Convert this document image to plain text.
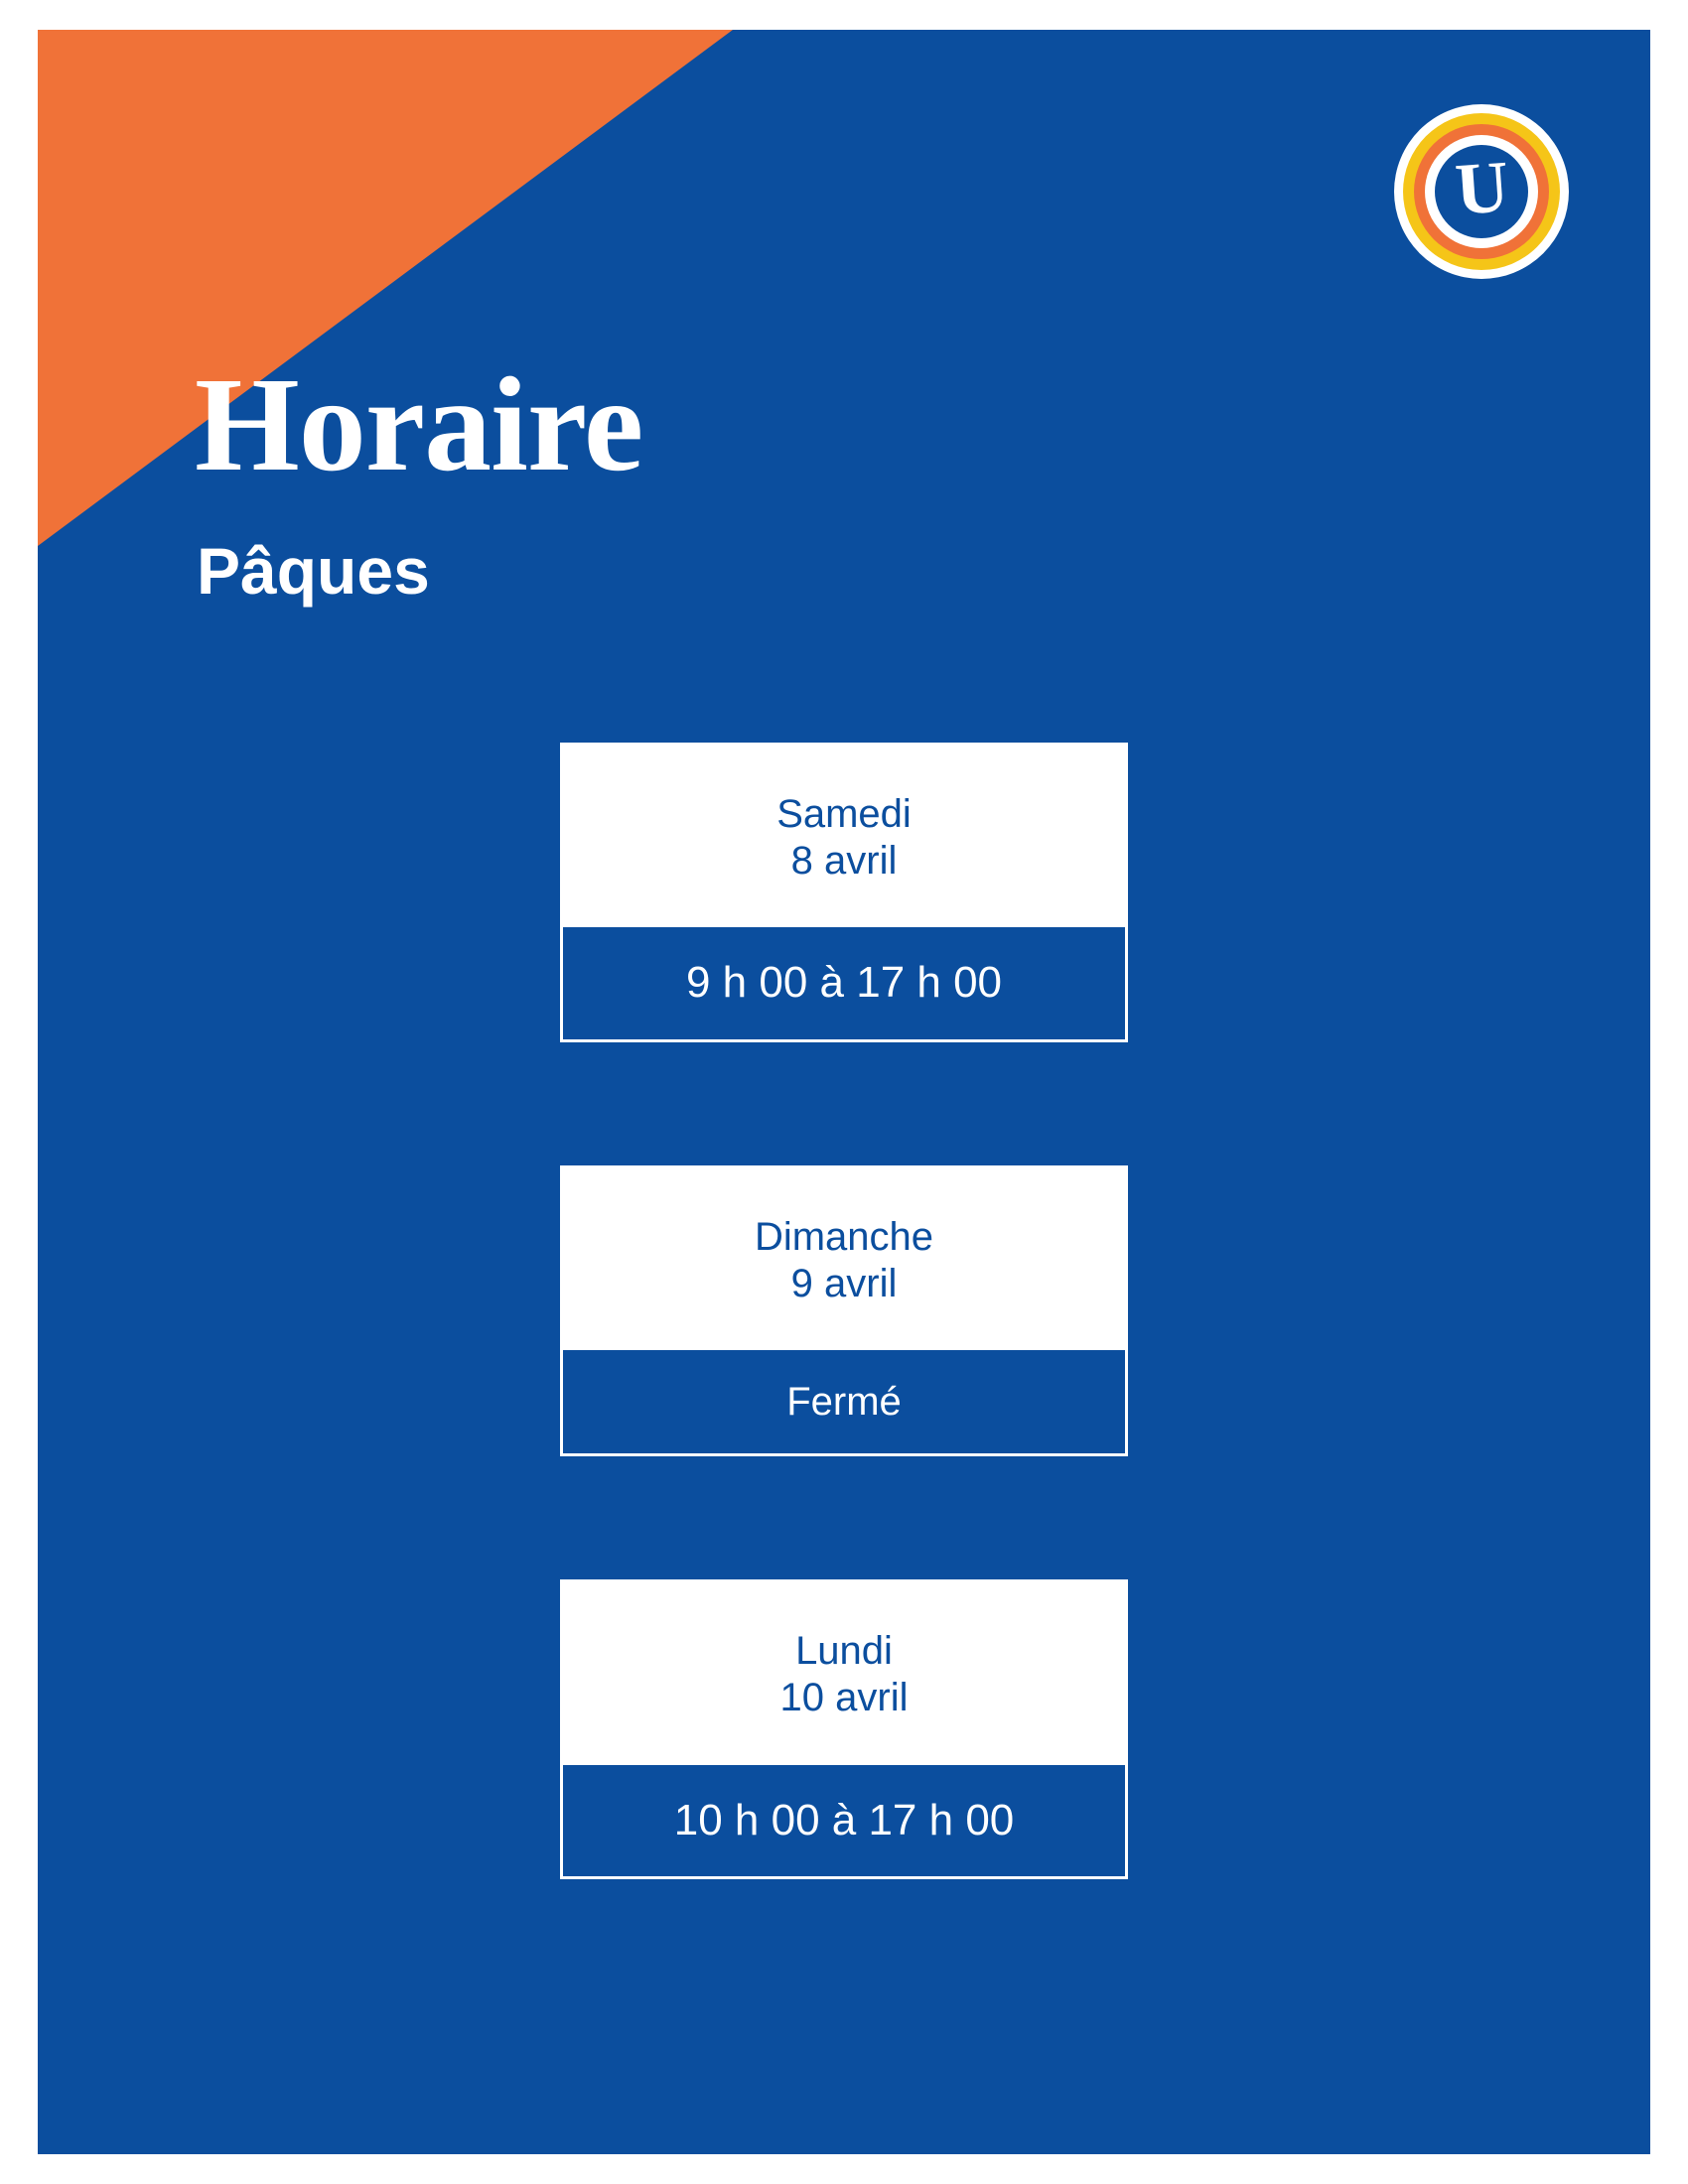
U
Horaire
Pâques
Samedi
8 avril
9 h 00 à 17 h 00
Dimanche
9 avril
Fermé
Lundi
10 avril
10 h 00 à 17 h 00
